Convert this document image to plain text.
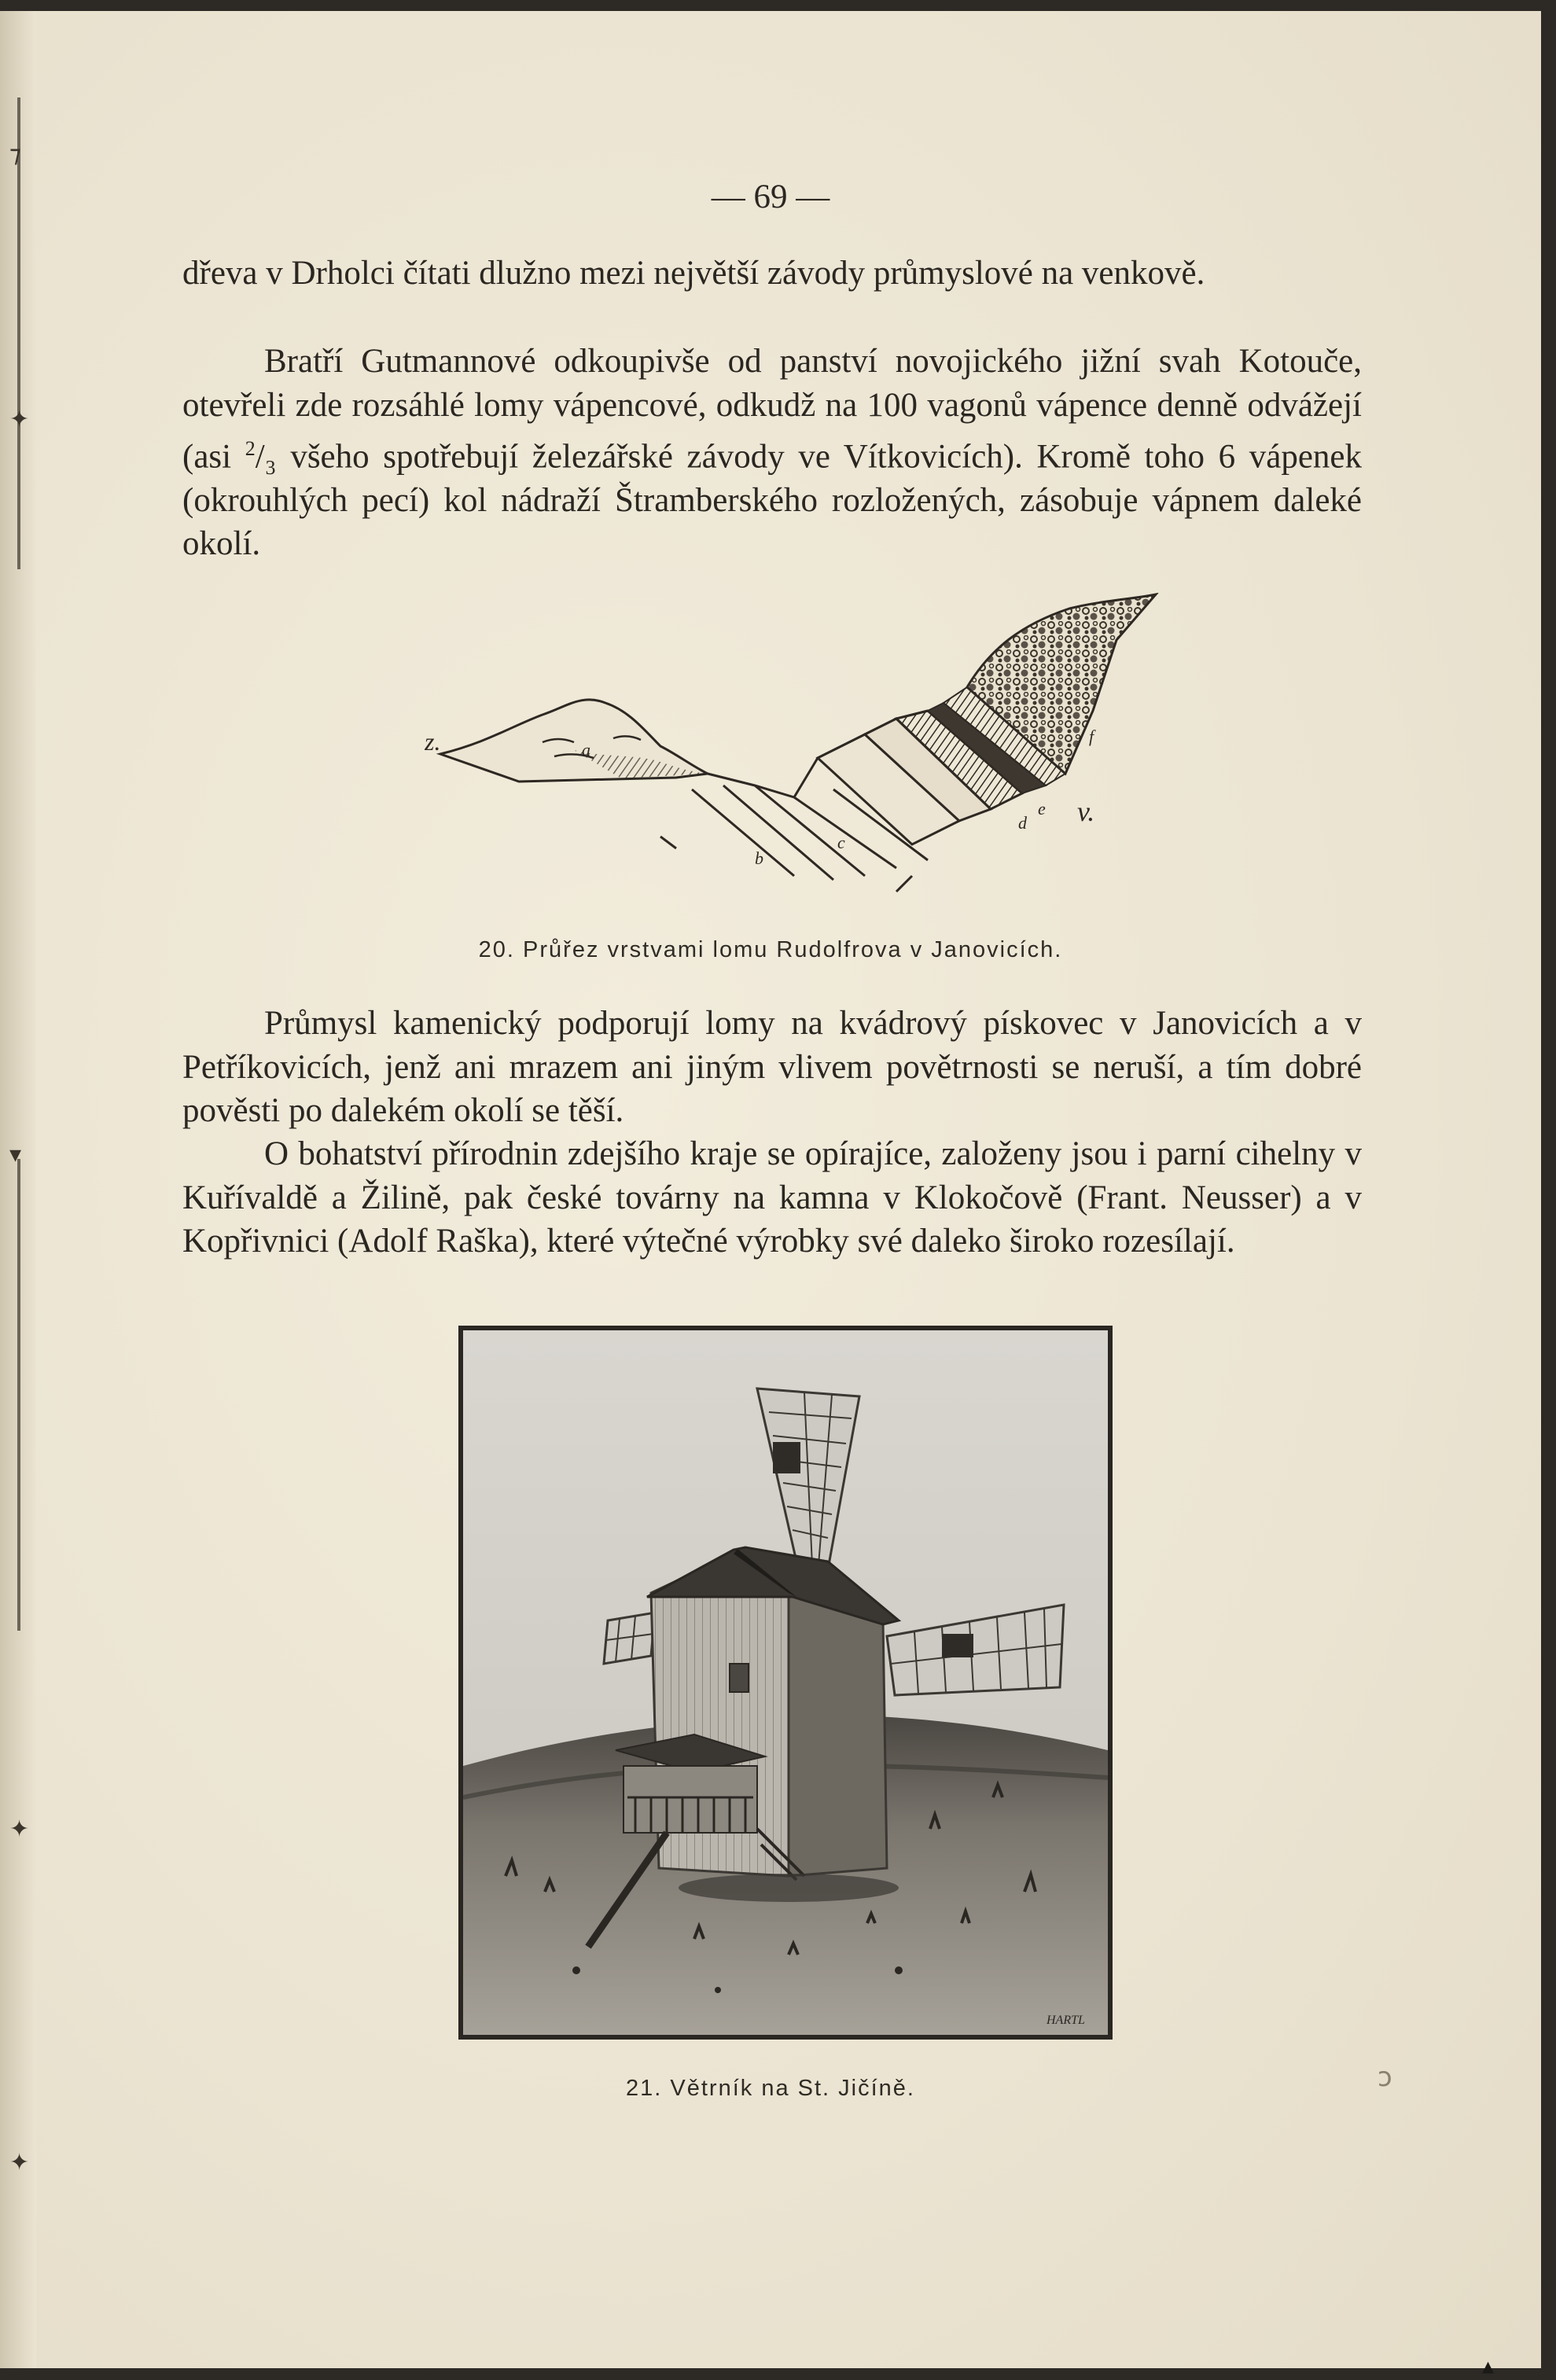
⁊
✦
▾
✦
✦
— 69 —

dřeva v Drholci čítati dlužno mezi největší závody průmyslové na venkově.

Bratří Gutmannové odkoupivše od panství novojického jižní svah Kotouče, otevřeli zde rozsáhlé lomy vápencové, odkudž na 100 vagonů vápence denně odvážejí (asi $^2$/₃ všeho spotřebují železářské závody ve Vítkovicích). Kromě toho 6 vápenek (okrouhlých pecí) kol nádraží Štramberského rozložených, zásobuje vápnem daleké okolí.

z.
v.
a
b
c
d
e
f
20. Průřez vrstvami lomu Rudolfrova v Janovicích.

Průmysl kamenický podporují lomy na kvádrový pískovec v Janovicích a v Petříkovicích, jenž ani mrazem ani jiným vlivem povětrnosti se neruší, a tím dobré pověsti po dalekém okolí se těší.

O bohatství přírodnin zdejšího kraje se opírajíce, založeny jsou i parní cihelny v Kuřívaldě a Žilině, pak české továrny na kamna v Klokočově (Frant. Neusser) a v Kopřivnici (Adolf Raška), které výtečné výrobky své daleko široko rozesílají.

HARTL
21. Větrník na St. Jičíně.	ↄ
▴
